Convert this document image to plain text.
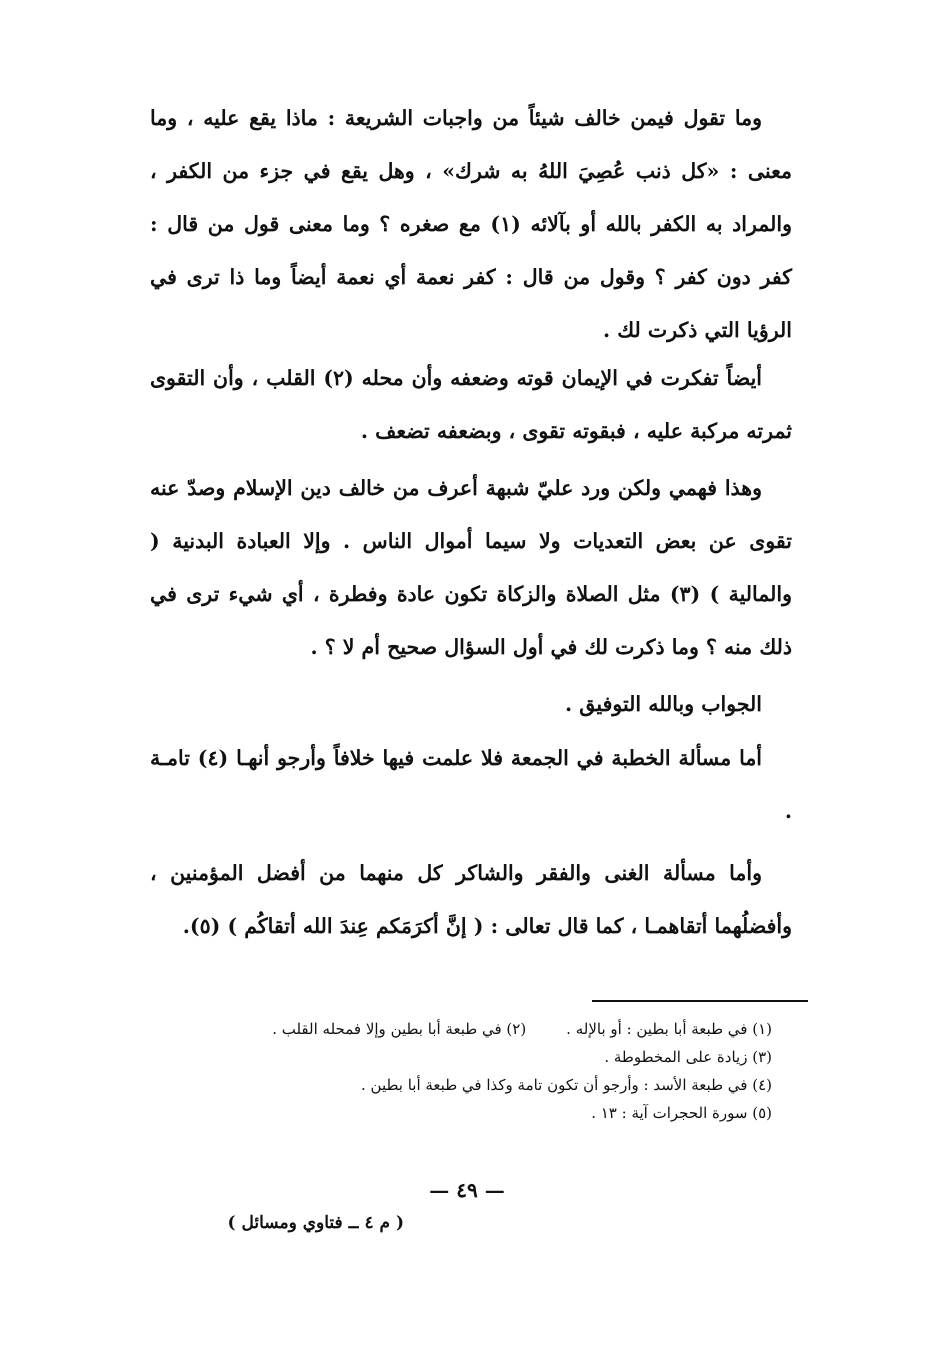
وما تقول فيمن خالف شيئاً من واجبات الشريعة : ماذا يقع عليه ، وما معنى : «كل ذنب عُصِيَ اللهُ به شرك» ، وهل يقع في جزء من الكفر ، والمراد به الكفر بالله أو بآلائه (١) مع صغره ؟ وما معنى قول من قال : كفر دون كفر ؟ وقول من قال : كفر نعمة أي نعمة أيضاً وما ذا ترى في الرؤيا التي ذكرت لك .

أيضاً تفكرت في الإيمان قوته وضعفه وأن محله (٢) القلب ، وأن التقوى ثمرته مركبة عليه ، فبقوته تقوى ، وبضعفه تضعف .

وهذا فهمي ولكن ورد عليّ شبهة أعرف من خالف دين الإسلام وصدّ عنه تقوى عن بعض التعديات ولا سيما أموال الناس . وإلا العبادة البدنية ( والمالية ) (٣) مثل الصلاة والزكاة تكون عادة وفطرة ، أي شيء ترى في ذلك منه ؟ وما ذكرت لك في أول السؤال صحيح أم لا ؟ .

الجواب وبالله التوفيق .

أما مسألة الخطبة في الجمعة فلا علمت فيها خلافاً وأرجو أنهـا (٤) تامـة .

وأما مسألة الغنى والفقر والشاكر كل منهما من أفضل المؤمنين ، وأفضلُهما أتقاهمـا ، كما قال تعالى : ( إنَّ أكرَمَكم عِندَ الله أتقاكُم ) (٥).

(١) في طبعة أبا بطين : أو بالإله .(٢) في طبعة أبا بطين وإلا فمحله القلب .
(٣) زيادة على المخطوطة .
(٤) في طبعة الأسد : وأرجو أن تكون تامة وكذا في طبعة أبا بطين .
(٥) سورة الحجرات آية : ١٣ .
— ٤٩ —
( م ٤ ــ فتاوي ومسائل )
